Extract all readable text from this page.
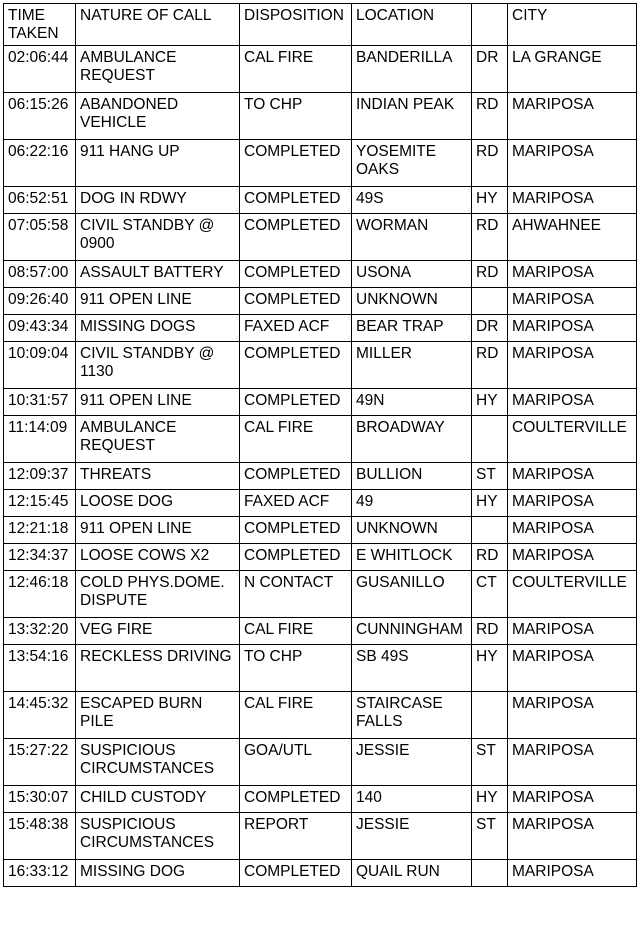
TIME TAKEN	NATURE OF CALL	DISPOSITION	LOCATION		CITY
02:06:44	AMBULANCE REQUEST	CAL FIRE	BANDERILLA	DR	LA GRANGE
06:15:26	ABANDONED VEHICLE	TO CHP	INDIAN PEAK	RD	MARIPOSA
06:22:16	911 HANG UP	COMPLETED	YOSEMITE OAKS	RD	MARIPOSA
06:52:51	DOG IN RDWY	COMPLETED	49S	HY	MARIPOSA
07:05:58	CIVIL STANDBY @ 0900	COMPLETED	WORMAN	RD	AHWAHNEE
08:57:00	ASSAULT BATTERY	COMPLETED	USONA	RD	MARIPOSA
09:26:40	911 OPEN LINE	COMPLETED	UNKNOWN		MARIPOSA
09:43:34	MISSING DOGS	FAXED ACF	BEAR TRAP	DR	MARIPOSA
10:09:04	CIVIL STANDBY @ 1130	COMPLETED	MILLER	RD	MARIPOSA
10:31:57	911 OPEN LINE	COMPLETED	49N	HY	MARIPOSA
11:14:09	AMBULANCE REQUEST	CAL FIRE	BROADWAY		COULTERVILLE
12:09:37	THREATS	COMPLETED	BULLION	ST	MARIPOSA
12:15:45	LOOSE DOG	FAXED ACF	49	HY	MARIPOSA
12:21:18	911 OPEN LINE	COMPLETED	UNKNOWN		MARIPOSA
12:34:37	LOOSE COWS X2	COMPLETED	E WHITLOCK	RD	MARIPOSA
12:46:18	COLD PHYS.DOME. DISPUTE	N CONTACT	GUSANILLO	CT	COULTERVILLE
13:32:20	VEG FIRE	CAL FIRE	CUNNINGHAM	RD	MARIPOSA
13:54:16	RECKLESS DRIVING	TO CHP	SB 49S	HY	MARIPOSA
14:45:32	ESCAPED BURN PILE	CAL FIRE	STAIRCASE FALLS		MARIPOSA
15:27:22	SUSPICIOUS CIRCUMSTANCES	GOA/UTL	JESSIE	ST	MARIPOSA
15:30:07	CHILD CUSTODY	COMPLETED	140	HY	MARIPOSA
15:48:38	SUSPICIOUS CIRCUMSTANCES	REPORT	JESSIE	ST	MARIPOSA
16:33:12	MISSING DOG	COMPLETED	QUAIL RUN		MARIPOSA
